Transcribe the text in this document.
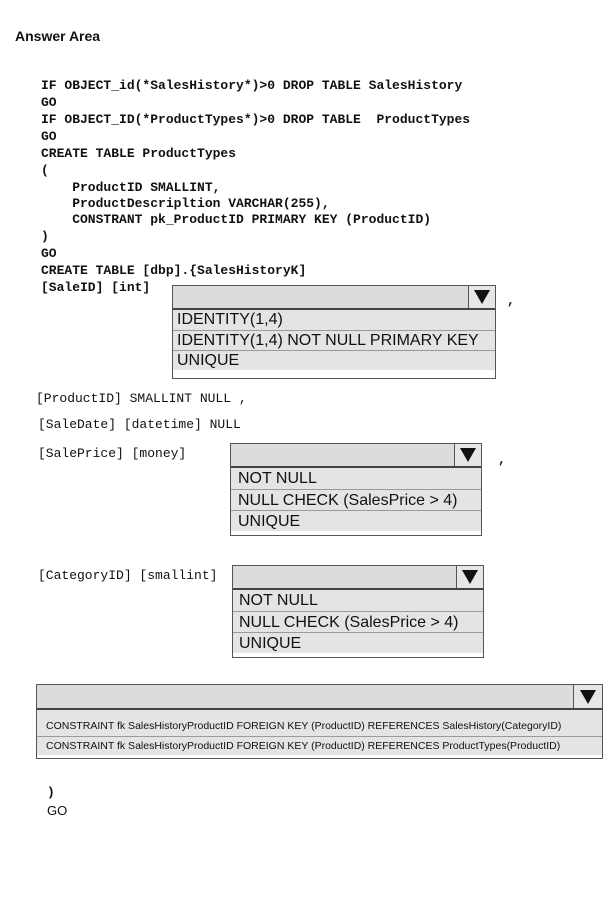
Answer Area
IF OBJECT_id(*SalesHistory*)>0 DROP TABLE SalesHistory
GO
IF OBJECT_ID(*ProductTypes*)>0 DROP TABLE  ProductTypes
GO
CREATE TABLE ProductTypes
(
ProductID SMALLINT,
ProductDescripltion VARCHAR(255),
CONSTRANT pk_ProductID PRIMARY KEY (ProductID)
)
GO
CREATE TABLE [dbp].{SalesHistoryK]
[SaleID] [int]
IDENTITY(1,4)
IDENTITY(1,4) NOT NULL PRIMARY KEY
UNIQUE
,
[ProductID] SMALLINT NULL ,
[SaleDate] [datetime] NULL
[SalePrice] [money]
NOT NULL
NULL CHECK (SalesPrice > 4)
UNIQUE
,
[CategoryID] [smallint]
NOT NULL
NULL CHECK (SalesPrice > 4)
UNIQUE
CONSTRAINT fk SalesHistoryProductID FOREIGN KEY (ProductID) REFERENCES SalesHistory(CategoryID)
CONSTRAINT fk SalesHistoryProductID FOREIGN KEY (ProductID) REFERENCES ProductTypes(ProductID)
)
GO
